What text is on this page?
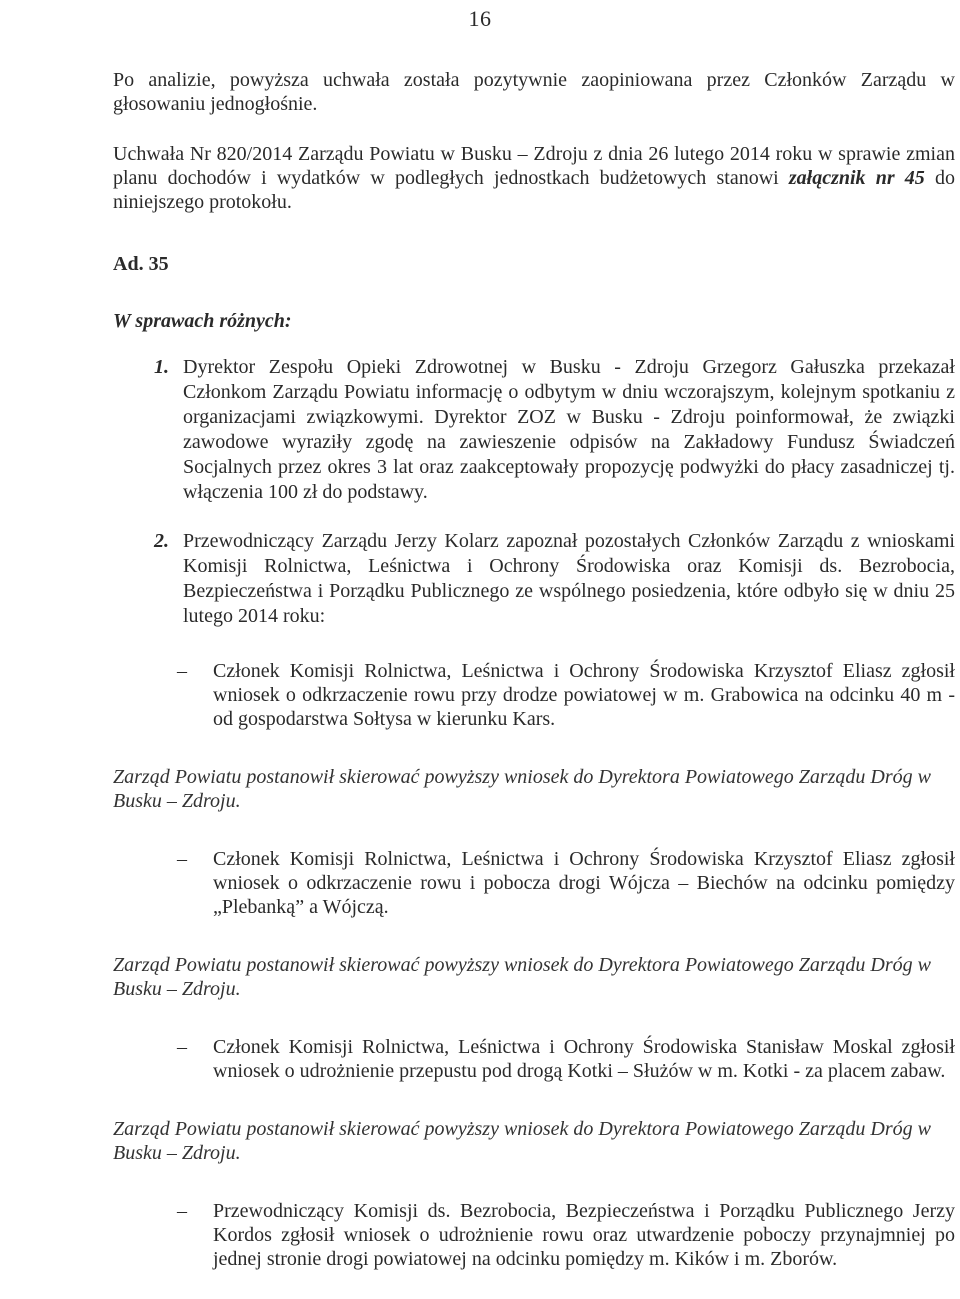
16

Po analizie, powyższa uchwała została pozytywnie zaopiniowana przez Członków Zarządu w głosowaniu jednogłośnie.

Uchwała Nr 820/2014 Zarządu Powiatu w Busku – Zdroju z dnia 26 lutego 2014 roku w sprawie zmian planu dochodów i wydatków w podległych jednostkach budżetowych stanowi załącznik nr 45 do niniejszego protokołu.

Ad. 35

W sprawach różnych:

1. Dyrektor Zespołu Opieki Zdrowotnej w Busku - Zdroju Grzegorz Gałuszka przekazał Członkom Zarządu Powiatu informację o odbytym w dniu wczorajszym, kolejnym spotkaniu z organizacjami związkowymi. Dyrektor ZOZ w Busku - Zdroju poinformował, że związki zawodowe wyraziły zgodę na zawieszenie odpisów na Zakładowy Fundusz Świadczeń Socjalnych przez okres 3 lat oraz zaakceptowały propozycję podwyżki do płacy zasadniczej tj. włączenia 100 zł do podstawy.

2. Przewodniczący Zarządu Jerzy Kolarz zapoznał pozostałych Członków Zarządu z wnioskami Komisji Rolnictwa, Leśnictwa i Ochrony Środowiska oraz Komisji ds. Bezrobocia, Bezpieczeństwa i Porządku Publicznego ze wspólnego posiedzenia, które odbyło się w dniu 25 lutego 2014 roku:

– Członek Komisji Rolnictwa, Leśnictwa i Ochrony Środowiska Krzysztof Eliasz zgłosił wniosek o odkrzaczenie rowu przy drodze powiatowej w m. Grabowica na odcinku 40 m - od gospodarstwa Sołtysa w kierunku Kars.

Zarząd Powiatu postanowił skierować powyższy wniosek do Dyrektora Powiatowego Zarządu Dróg w Busku – Zdroju.

– Członek Komisji Rolnictwa, Leśnictwa i Ochrony Środowiska Krzysztof Eliasz zgłosił wniosek o odkrzaczenie rowu i pobocza drogi Wójcza – Biechów na odcinku pomiędzy „Plebanką” a Wójczą.

Zarząd Powiatu postanowił skierować powyższy wniosek do Dyrektora Powiatowego Zarządu Dróg w Busku – Zdroju.

– Członek Komisji Rolnictwa, Leśnictwa i Ochrony Środowiska Stanisław Moskal zgłosił wniosek o udrożnienie przepustu pod drogą Kotki – Służów w m. Kotki - za placem zabaw.

Zarząd Powiatu postanowił skierować powyższy wniosek do Dyrektora Powiatowego Zarządu Dróg w Busku – Zdroju.

– Przewodniczący Komisji ds. Bezrobocia, Bezpieczeństwa i Porządku Publicznego Jerzy Kordos zgłosił wniosek o udrożnienie rowu oraz utwardzenie poboczy przynajmniej po jednej stronie drogi powiatowej na odcinku pomiędzy m. Kików i m. Zborów.
